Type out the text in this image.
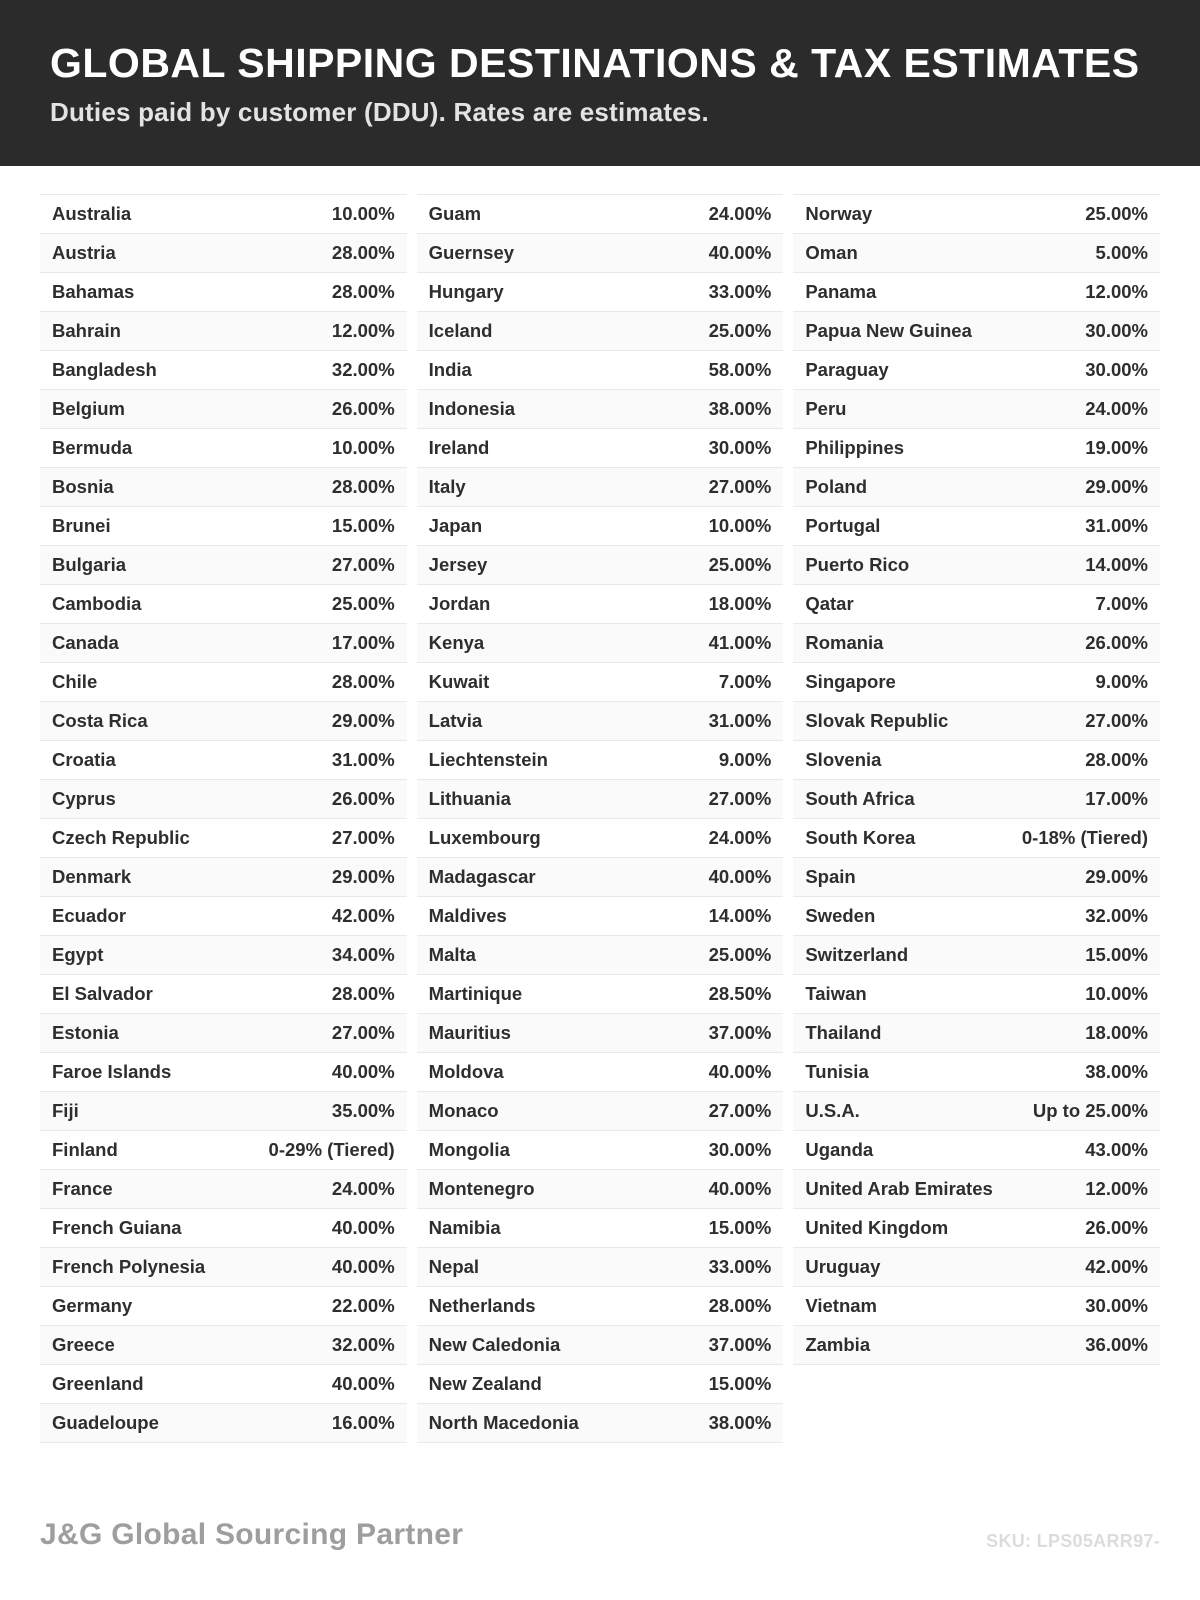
GLOBAL SHIPPING DESTINATIONS & TAX ESTIMATES
Duties paid by customer (DDU). Rates are estimates.
Australia	10.00%
Austria	28.00%
Bahamas	28.00%
Bahrain	12.00%
Bangladesh	32.00%
Belgium	26.00%
Bermuda	10.00%
Bosnia	28.00%
Brunei	15.00%
Bulgaria	27.00%
Cambodia	25.00%
Canada	17.00%
Chile	28.00%
Costa Rica	29.00%
Croatia	31.00%
Cyprus	26.00%
Czech Republic	27.00%
Denmark	29.00%
Ecuador	42.00%
Egypt	34.00%
El Salvador	28.00%
Estonia	27.00%
Faroe Islands	40.00%
Fiji	35.00%
Finland	0-29% (Tiered)
France	24.00%
French Guiana	40.00%
French Polynesia	40.00%
Germany	22.00%
Greece	32.00%
Greenland	40.00%
Guadeloupe	16.00%
Guam	24.00%
Guernsey	40.00%
Hungary	33.00%
Iceland	25.00%
India	58.00%
Indonesia	38.00%
Ireland	30.00%
Italy	27.00%
Japan	10.00%
Jersey	25.00%
Jordan	18.00%
Kenya	41.00%
Kuwait	7.00%
Latvia	31.00%
Liechtenstein	9.00%
Lithuania	27.00%
Luxembourg	24.00%
Madagascar	40.00%
Maldives	14.00%
Malta	25.00%
Martinique	28.50%
Mauritius	37.00%
Moldova	40.00%
Monaco	27.00%
Mongolia	30.00%
Montenegro	40.00%
Namibia	15.00%
Nepal	33.00%
Netherlands	28.00%
New Caledonia	37.00%
New Zealand	15.00%
North Macedonia	38.00%
Norway	25.00%
Oman	5.00%
Panama	12.00%
Papua New Guinea	30.00%
Paraguay	30.00%
Peru	24.00%
Philippines	19.00%
Poland	29.00%
Portugal	31.00%
Puerto Rico	14.00%
Qatar	7.00%
Romania	26.00%
Singapore	9.00%
Slovak Republic	27.00%
Slovenia	28.00%
South Africa	17.00%
South Korea	0-18% (Tiered)
Spain	29.00%
Sweden	32.00%
Switzerland	15.00%
Taiwan	10.00%
Thailand	18.00%
Tunisia	38.00%
U.S.A.	Up to 25.00%
Uganda	43.00%
United Arab Emirates	12.00%
United Kingdom	26.00%
Uruguay	42.00%
Vietnam	30.00%
Zambia	36.00%
J&G Global Sourcing Partner	SKU: LPS05ARR97-
